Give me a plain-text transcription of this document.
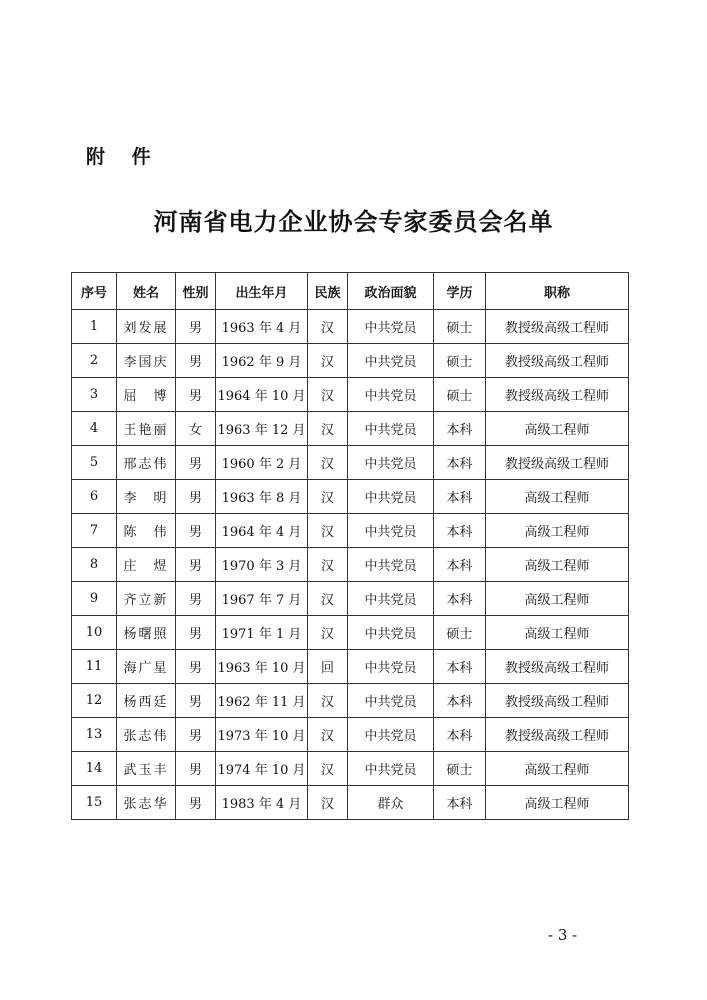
附 件
河南省电力企业协会专家委员会名单
序号	姓名	性别	出生年月	民族	政治面貌	学历	职称
1	刘发展	男	1963 年 4 月	汉	中共党员	硕士	教授级高级工程师
2	李国庆	男	1962 年 9 月	汉	中共党员	硕士	教授级高级工程师
3	屈　博	男	1964 年 10 月	汉	中共党员	硕士	教授级高级工程师
4	王艳丽	女	1963 年 12 月	汉	中共党员	本科	高级工程师
5	邢志伟	男	1960 年 2 月	汉	中共党员	本科	教授级高级工程师
6	李　明	男	1963 年 8 月	汉	中共党员	本科	高级工程师
7	陈　伟	男	1964 年 4 月	汉	中共党员	本科	高级工程师
8	庄　煜	男	1970 年 3 月	汉	中共党员	本科	高级工程师
9	齐立新	男	1967 年 7 月	汉	中共党员	本科	高级工程师
10	杨曙照	男	1971 年 1 月	汉	中共党员	硕士	高级工程师
11	海广星	男	1963 年 10 月	回	中共党员	本科	教授级高级工程师
12	杨西廷	男	1962 年 11 月	汉	中共党员	本科	教授级高级工程师
13	张志伟	男	1973 年 10 月	汉	中共党员	本科	教授级高级工程师
14	武玉丰	男	1974 年 10 月	汉	中共党员	硕士	高级工程师
15	张志华	男	1983 年 4 月	汉	群众	本科	高级工程师
- 3 -
